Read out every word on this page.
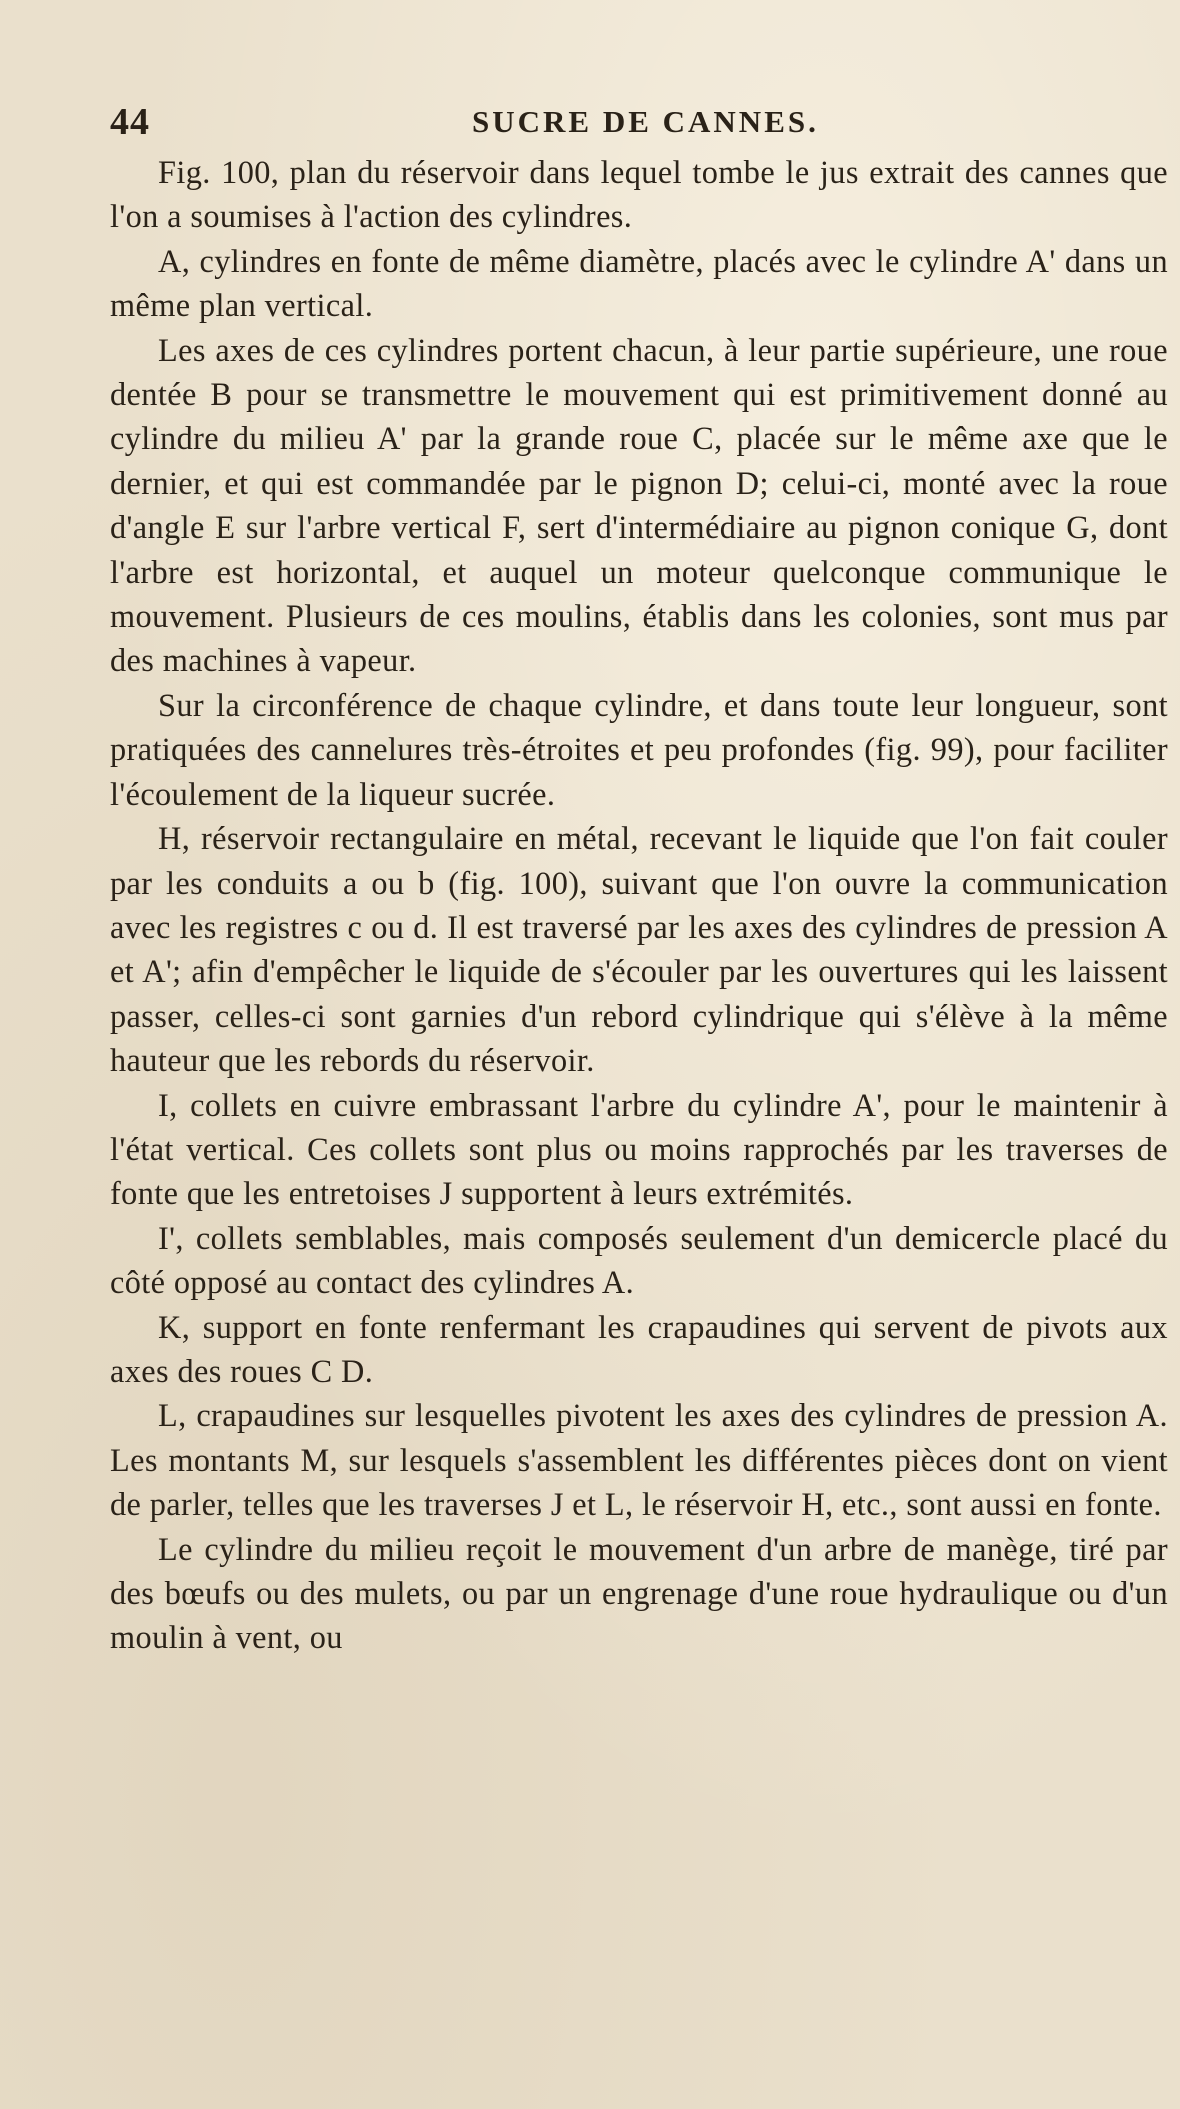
44	SUCRE DE CANNES.

Fig. 100, plan du réservoir dans lequel tombe le jus extrait des cannes que l'on a soumises à l'action des cylindres.

A, cylindres en fonte de même diamètre, placés avec le cylindre A' dans un même plan vertical.

Les axes de ces cylindres portent chacun, à leur partie supérieure, une roue dentée B pour se transmettre le mouvement qui est primitivement donné au cylindre du milieu A' par la grande roue C, placée sur le même axe que le dernier, et qui est commandée par le pignon D; celui-ci, monté avec la roue d'angle E sur l'arbre vertical F, sert d'intermédiaire au pignon conique G, dont l'arbre est horizontal, et auquel un moteur quelconque communique le mouvement. Plusieurs de ces moulins, établis dans les colonies, sont mus par des machines à vapeur.

Sur la circonférence de chaque cylindre, et dans toute leur longueur, sont pratiquées des cannelures très-étroites et peu profondes (fig. 99), pour faciliter l'écoulement de la liqueur sucrée.

H, réservoir rectangulaire en métal, recevant le liquide que l'on fait couler par les conduits a ou b (fig. 100), suivant que l'on ouvre la communication avec les registres c ou d. Il est traversé par les axes des cylindres de pression A et A'; afin d'empêcher le liquide de s'écouler par les ouvertures qui les laissent passer, celles-ci sont garnies d'un rebord cylindrique qui s'élève à la même hauteur que les rebords du réservoir.

I, collets en cuivre embrassant l'arbre du cylindre A', pour le maintenir à l'état vertical. Ces collets sont plus ou moins rapprochés par les traverses de fonte que les entretoises J supportent à leurs extrémités.

I', collets semblables, mais composés seulement d'un demicercle placé du côté opposé au contact des cylindres A.

K, support en fonte renfermant les crapaudines qui servent de pivots aux axes des roues C D.

L, crapaudines sur lesquelles pivotent les axes des cylindres de pression A. Les montants M, sur lesquels s'assemblent les différentes pièces dont on vient de parler, telles que les traverses J et L, le réservoir H, etc., sont aussi en fonte.

Le cylindre du milieu reçoit le mouvement d'un arbre de manège, tiré par des bœufs ou des mulets, ou par un engrenage d'une roue hydraulique ou d'un moulin à vent, ou
